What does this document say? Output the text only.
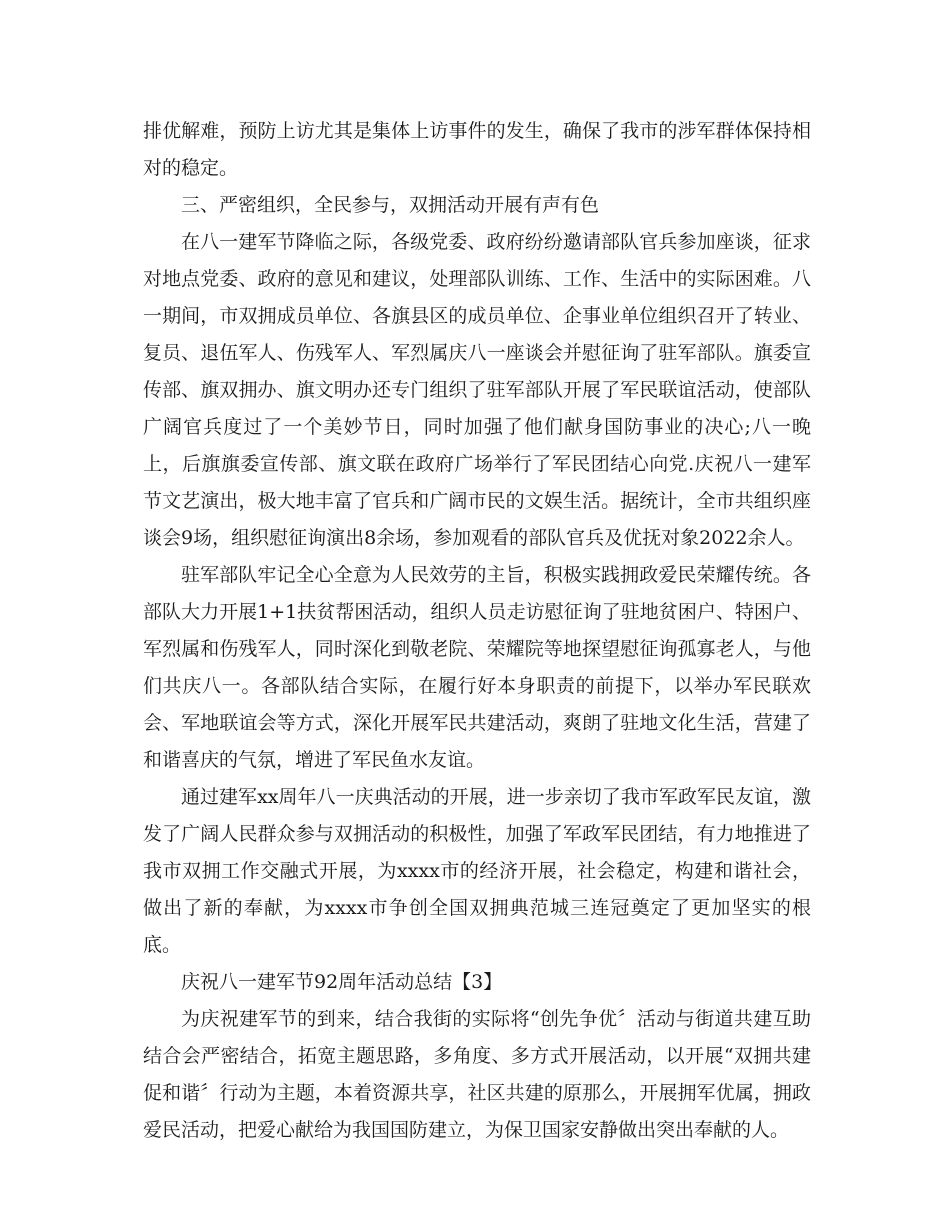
排优解难，预防上访尤其是集体上访事件的发生，确保了我市的涉军群体保持相对的稳定。

三、严密组织，全民参与，双拥活动开展有声有色

在八一建军节降临之际，各级党委、政府纷纷邀请部队官兵参加座谈，征求对地点党委、政府的意见和建议，处理部队训练、工作、生活中的实际困难。八一期间，市双拥成员单位、各旗县区的成员单位、企事业单位组织召开了转业、复员、退伍军人、伤残军人、军烈属庆八一座谈会并慰征询了驻军部队。旗委宣传部、旗双拥办、旗文明办还专门组织了驻军部队开展了军民联谊活动，使部队广阔官兵度过了一个美妙节日，同时加强了他们献身国防事业的决心;八一晚上，后旗旗委宣传部、旗文联在政府广场举行了军民团结心向党.庆祝八一建军节文艺演出，极大地丰富了官兵和广阔市民的文娱生活。据统计，全市共组织座谈会9场，组织慰征询演出8余场，参加观看的部队官兵及优抚对象2022余人。

驻军部队牢记全心全意为人民效劳的主旨，积极实践拥政爱民荣耀传统。各部队大力开展1+1扶贫帮困活动，组织人员走访慰征询了驻地贫困户、特困户、军烈属和伤残军人，同时深化到敬老院、荣耀院等地探望慰征询孤寡老人，与他们共庆八一。各部队结合实际，在履行好本身职责的前提下，以举办军民联欢会、军地联谊会等方式，深化开展军民共建活动，爽朗了驻地文化生活，营建了和谐喜庆的气氛，增进了军民鱼水友谊。

通过建军xx周年八一庆典活动的开展，进一步亲切了我市军政军民友谊，激发了广阔人民群众参与双拥活动的积极性，加强了军政军民团结，有力地推进了我市双拥工作交融式开展，为xxxx市的经济开展，社会稳定，构建和谐社会，做出了新的奉献，为xxxx市争创全国双拥典范城三连冠奠定了更加坚实的根底。

庆祝八一建军节92周年活动总结【3】

为庆祝建军节的到来，结合我街的实际将“创先争优〞活动与街道共建互助结合会严密结合，拓宽主题思路，多角度、多方式开展活动，以开展“双拥共建促和谐〞行动为主题，本着资源共享，社区共建的原那么，开展拥军优属，拥政爱民活动，把爱心献给为我国国防建立，为保卫国家安静做出突出奉献的人。
